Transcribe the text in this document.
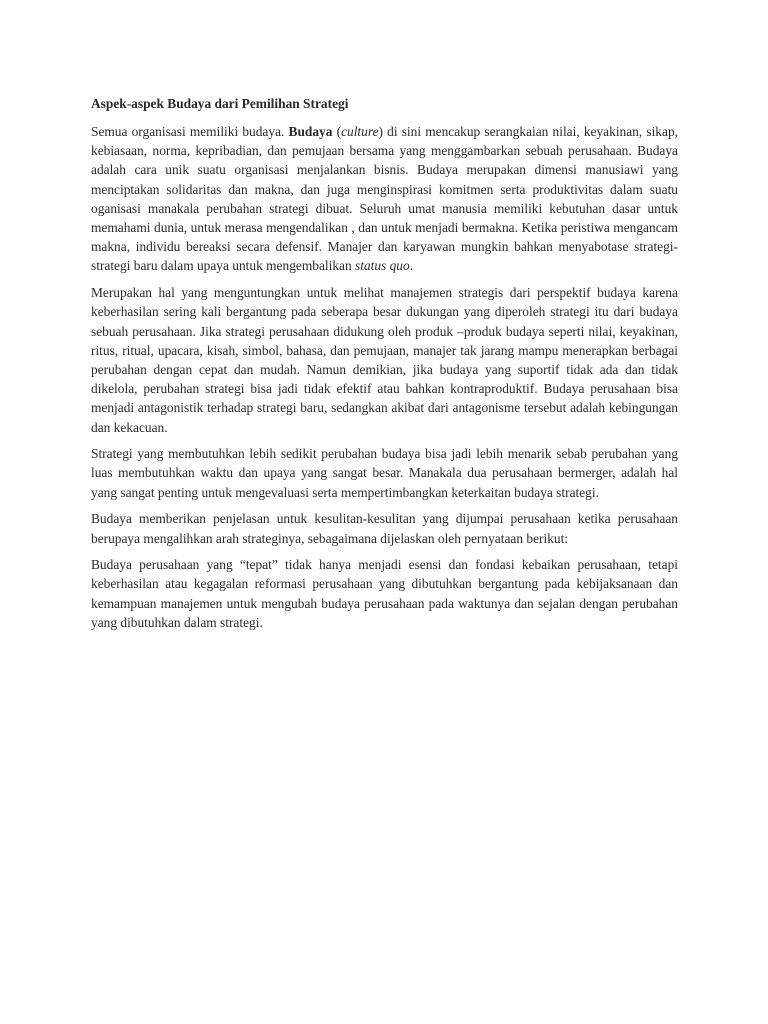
Aspek-aspek Budaya dari Pemilihan Strategi

Semua organisasi memiliki budaya. Budaya (culture) di sini mencakup serangkaian nilai, keyakinan, sikap, kebiasaan, norma, kepribadian, dan pemujaan bersama yang menggambarkan sebuah perusahaan. Budaya adalah cara unik suatu organisasi menjalankan bisnis. Budaya merupakan dimensi manusiawi yang menciptakan solidaritas dan makna, dan juga menginspirasi komitmen serta produktivitas dalam suatu oganisasi manakala perubahan strategi dibuat. Seluruh umat manusia memiliki kebutuhan dasar untuk memahami dunia, untuk merasa mengendalikan , dan untuk menjadi bermakna. Ketika peristiwa mengancam makna, individu bereaksi secara defensif. Manajer dan karyawan mungkin bahkan menyabotase strategi-strategi baru dalam upaya untuk mengembalikan status quo.

Merupakan hal yang menguntungkan untuk melihat manajemen strategis dari perspektif budaya karena keberhasilan sering kali bergantung pada seberapa besar dukungan yang diperoleh strategi itu dari budaya sebuah perusahaan. Jika strategi perusahaan didukung oleh produk –produk budaya seperti nilai, keyakinan, ritus, ritual, upacara, kisah, simbol, bahasa, dan pemujaan, manajer tak jarang mampu menerapkan berbagai perubahan dengan cepat dan mudah. Namun demikian, jika budaya yang suportif tidak ada dan tidak dikelola, perubahan strategi bisa jadi tidak efektif atau bahkan kontraproduktif. Budaya perusahaan bisa menjadi antagonistik terhadap strategi baru, sedangkan akibat dari antagonisme tersebut adalah kebingungan dan kekacuan.

Strategi yang membutuhkan lebih sedikit perubahan budaya bisa jadi lebih menarik sebab perubahan yang luas membutuhkan waktu dan upaya yang sangat besar. Manakala dua perusahaan bermerger, adalah hal yang sangat penting untuk mengevaluasi serta mempertimbangkan keterkaitan budaya strategi.

Budaya memberikan penjelasan untuk kesulitan-kesulitan yang dijumpai perusahaan ketika perusahaan berupaya mengalihkan arah strateginya, sebagaimana dijelaskan oleh pernyataan berikut:

Budaya perusahaan yang “tepat” tidak hanya menjadi esensi dan fondasi kebaikan perusahaan, tetapi keberhasilan atau kegagalan reformasi perusahaan yang dibutuhkan bergantung pada kebijaksanaan dan kemampuan manajemen untuk mengubah budaya perusahaan pada waktunya dan sejalan dengan perubahan yang dibutuhkan dalam strategi.
